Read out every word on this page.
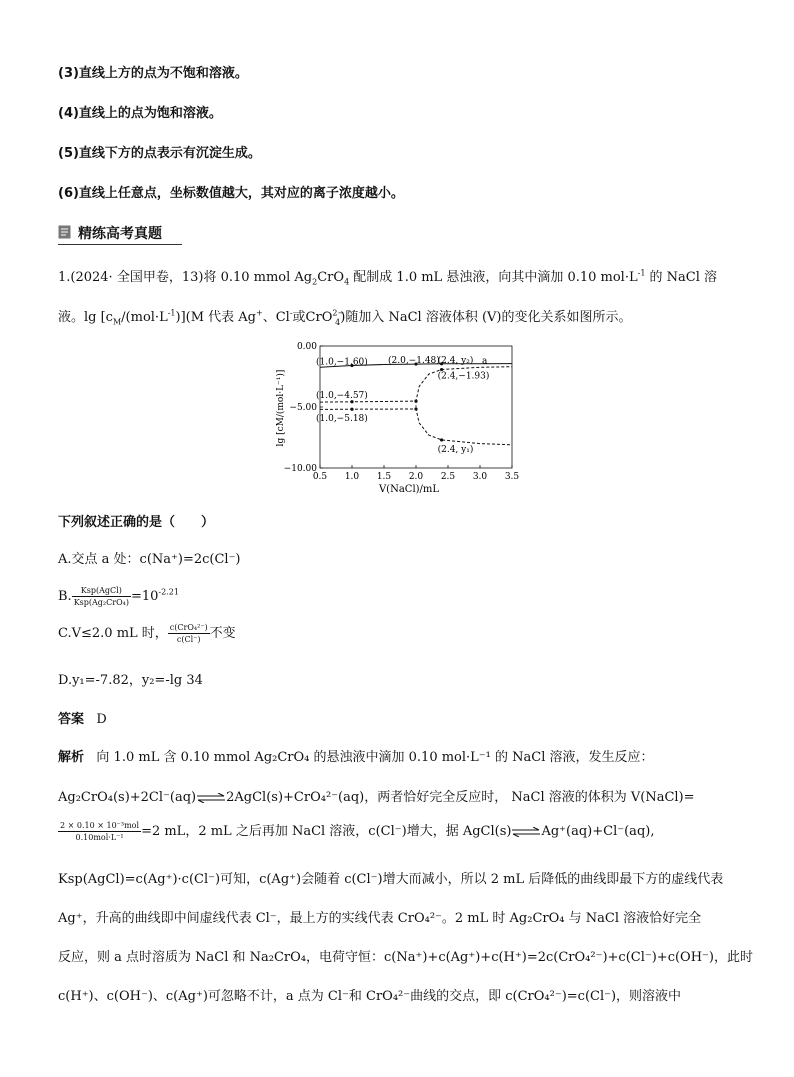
(3)直线上方的点为不饱和溶液。
(4)直线上的点为饱和溶液。
(5)直线下方的点表示有沉淀生成。
(6)直线上任意点，坐标数值越大，其对应的离子浓度越小。
精练高考真题
1.(2024· 全国甲卷，13)将 0.10 mmol $Ag_2CrO_4$ 配制成 1.0 mL 悬浊液，向其中滴加 0.10 $mol\cdot L^{-1}$ 的 NaCl 溶
液。$\lg [c_M/(mol\cdot L^{-1})](M$ 代表 Ag+、Cl-或CrO$^{2-}_4$)随加入 NaCl 溶液体积 (V)的变化关系如图所示。
0.5 1.0 1.5 2.0 2.5 3.0 3.5
0.00
−5.00
−10.00
(1.0,−1.60) (2.0,−1.48)
(2.4, y₂) a
(2.4,−1.93)
(1.0,−4.57)
(1.0,−5.18)
(2.4, y₁)
V(NaCl)/mL
lg [cM/(mol·L⁻¹)]
下列叙述正确的是（　　）
A.交点 a 处：c(Na⁺)=2c(Cl⁻)
B. $\frac{\text{Ksp(AgCl)}}{\text{Ksp(Ag₂CrO₄)}} =10^{-2.21}$
C.V≤2.0 mL 时， $\frac{\text{c(CrO₄²⁻)}}{c(Cl^-)}$ 不变
D.y₁=-7.82，y₂=-lg 34
答案 D
解析 向 1.0 mL 含 0.10 mmol Ag₂CrO₄ 的悬浊液中滴加 0.10 mol·L⁻¹ 的 NaCl 溶液，发生反应：
Ag₂CrO₄(s)+2Cl⁻(aq)⇌2AgCl(s)+CrO₄²⁻(aq)，两者恰好完全反应时， NaCl 溶液的体积为 V(NaCl)=
$\frac{\text{2 × 0.10 × 10⁻³mol}}{\text{0.10mol·L⁻¹}} =2$ mL，2 mL 之后再加 NaCl 溶液，c(Cl⁻)增大，据 AgCl(s)⇌Ag⁺(aq)+Cl⁻(aq),
Ksp(AgCl)=c(Ag⁺)·c(Cl⁻)可知，c(Ag⁺)会随着 c(Cl⁻)增大而减小，所以 2 mL 后降低的曲线即最下方的虚线代表
Ag⁺，升高的曲线即中间虚线代表 Cl⁻，最上方的实线代表 CrO₄²⁻。2 mL 时 Ag₂CrO₄ 与 NaCl 溶液恰好完全
反应，则 a 点时溶质为 NaCl 和 Na₂CrO₄，电荷守恒：c(Na⁺)+c(Ag⁺)+c(H⁺)=2c(CrO₄²⁻)+c(Cl⁻)+c(OH⁻)，此时
c(H⁺)、c(OH⁻)、c(Ag⁺)可忽略不计，a 点为 Cl⁻和 CrO₄²⁻曲线的交点，即 c(CrO₄²⁻)=c(Cl⁻)，则溶液中
